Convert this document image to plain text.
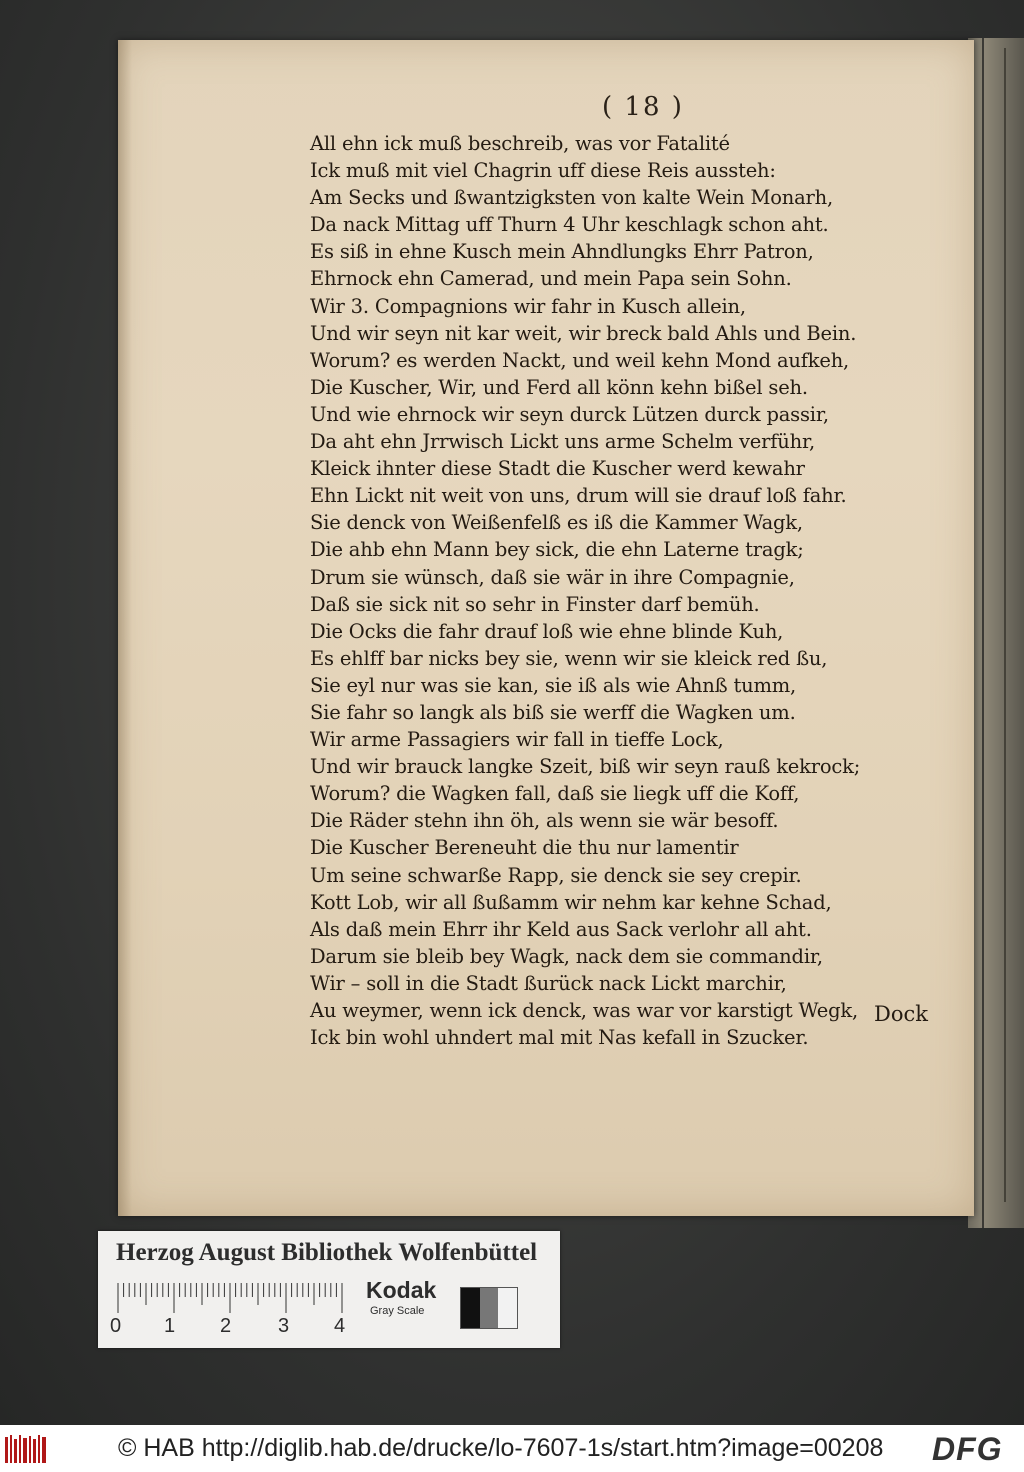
( 18 )
All ehn ick muß beschreib, was vor Fatalité
Ick muß mit viel Chagrin uff diese Reis aussteh:
Am Secks und ßwantzigksten von kalte Wein Monarh,
Da nack Mittag uff Thurn 4 Uhr keschlagk schon aht.
Es siß in ehne Kusch mein Ahndlungks Ehrr Patron,
Ehrnock ehn Camerad, und mein Papa sein Sohn.
Wir 3. Compagnions wir fahr in Kusch allein,
Und wir seyn nit kar weit, wir breck bald Ahls und Bein.
Worum? es werden Nackt, und weil kehn Mond aufkeh,
Die Kuscher, Wir, und Ferd all könn kehn bißel seh.
Und wie ehrnock wir seyn durck Lützen durck passir,
Da aht ehn Jrrwisch Lickt uns arme Schelm verführ,
Kleick ihnter diese Stadt die Kuscher werd kewahr
Ehn Lickt nit weit von uns, drum will sie drauf loß fahr.
Sie denck von Weißenfelß es iß die Kammer Wagk,
Die ahb ehn Mann bey sick, die ehn Laterne tragk;
Drum sie wünsch, daß sie wär in ihre Compagnie,
Daß sie sick nit so sehr in Finster darf bemüh.
Die Ocks die fahr drauf loß wie ehne blinde Kuh,
Es ehlff bar nicks bey sie, wenn wir sie kleick red ßu,
Sie eyl nur was sie kan, sie iß als wie Ahnß tumm,
Sie fahr so langk als biß sie werff die Wagken um.
Wir arme Passagiers wir fall in tieffe Lock,
Und wir brauck langke Szeit, biß wir seyn rauß kekrock;
Worum? die Wagken fall, daß sie liegk uff die Koff,
Die Räder stehn ihn öh, als wenn sie wär besoff.
Die Kuscher Bereneuht die thu nur lamentir
Um seine schwarße Rapp, sie denck sie sey crepir.
Kott Lob, wir all ßußamm wir nehm kar kehne Schad,
Als daß mein Ehrr ihr Keld aus Sack verlohr all aht.
Darum sie bleib bey Wagk, nack dem sie commandir,
Wir – soll in die Stadt ßurück nack Lickt marchir,
Au weymer, wenn ick denck, was war vor karstigt Wegk,
Ick bin wohl uhndert mal mit Nas kefall in Szucker.
Dock
Herzog August Bibliothek Wolfenbüttel
0 1 2 3 4
Kodak
Gray Scale
© HAB http://diglib.hab.de/drucke/lo-7607-1s/start.htm?image=00208 DFG
